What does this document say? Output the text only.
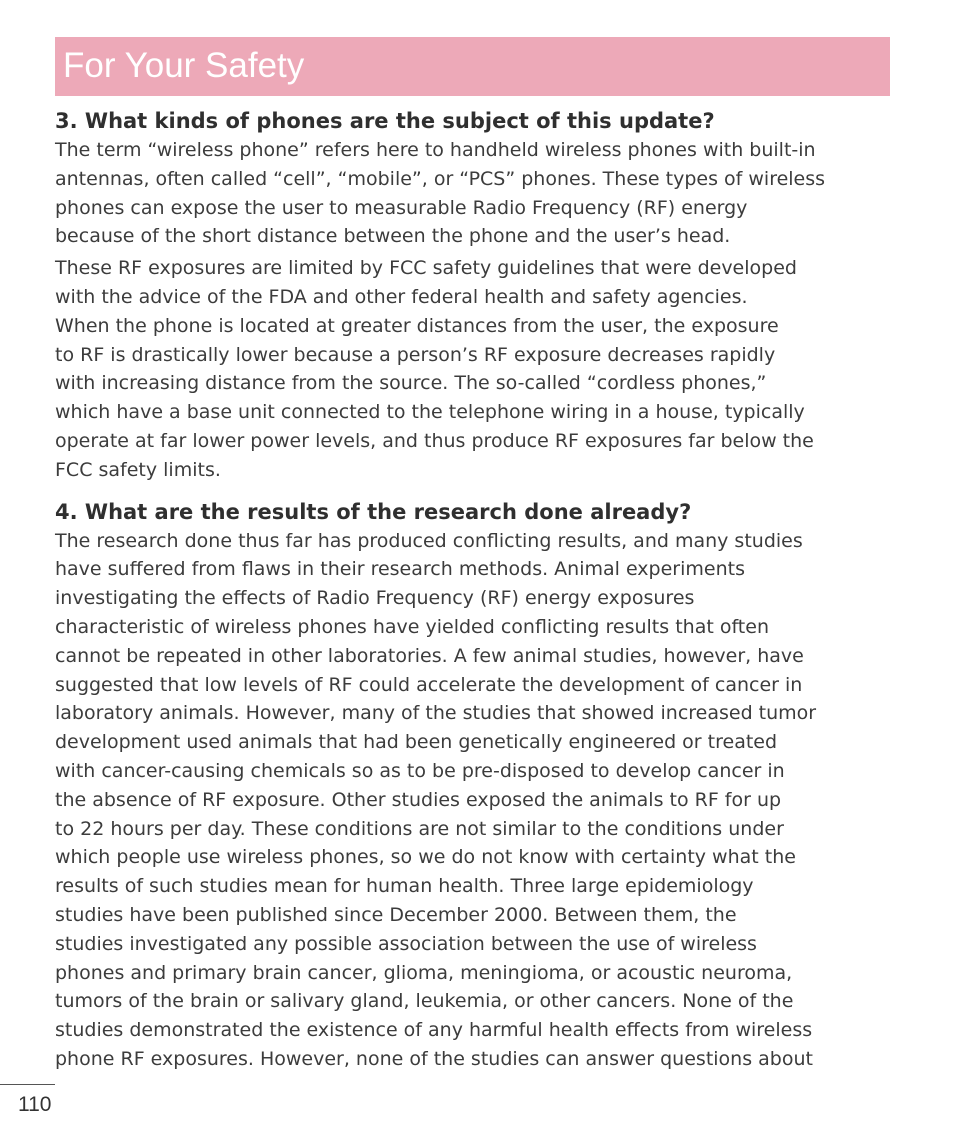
For Your Safety
3. What kinds of phones are the subject of this update?

The term “wireless phone” refers here to handheld wireless phones with built-in
antennas, often called “cell”, “mobile”, or “PCS” phones. These types of wireless
phones can expose the user to measurable Radio Frequency (RF) energy
because of the short distance between the phone and the user’s head.

These RF exposures are limited by FCC safety guidelines that were developed
with the advice of the FDA and other federal health and safety agencies.
When the phone is located at greater distances from the user, the exposure
to RF is drastically lower because a person’s RF exposure decreases rapidly
with increasing distance from the source. The so-called “cordless phones,”
which have a base unit connected to the telephone wiring in a house, typically
operate at far lower power levels, and thus produce RF exposures far below the
FCC safety limits.

4. What are the results of the research done already?

The research done thus far has produced conflicting results, and many studies
have suffered from flaws in their research methods. Animal experiments
investigating the effects of Radio Frequency (RF) energy exposures
characteristic of wireless phones have yielded conflicting results that often
cannot be repeated in other laboratories. A few animal studies, however, have
suggested that low levels of RF could accelerate the development of cancer in
laboratory animals. However, many of the studies that showed increased tumor
development used animals that had been genetically engineered or treated
with cancer-causing chemicals so as to be pre-disposed to develop cancer in
the absence of RF exposure. Other studies exposed the animals to RF for up
to 22 hours per day. These conditions are not similar to the conditions under
which people use wireless phones, so we do not know with certainty what the
results of such studies mean for human health. Three large epidemiology
studies have been published since December 2000. Between them, the
studies investigated any possible association between the use of wireless
phones and primary brain cancer, glioma, meningioma, or acoustic neuroma,
tumors of the brain or salivary gland, leukemia, or other cancers. None of the
studies demonstrated the existence of any harmful health effects from wireless
phone RF exposures. However, none of the studies can answer questions about

110
